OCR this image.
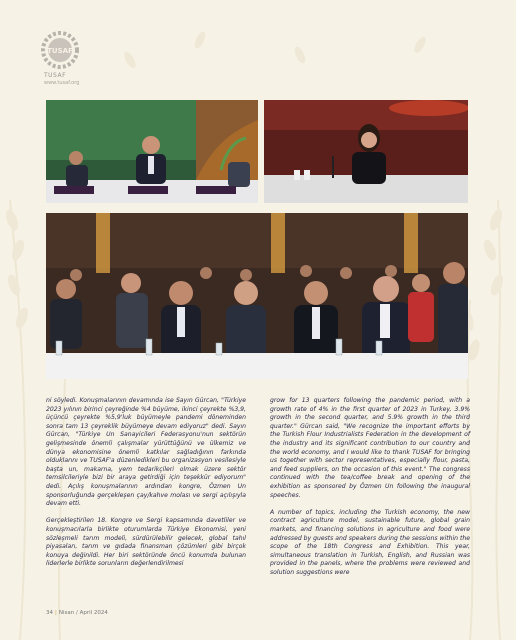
TUSAF
TUSAF
www.tusaf.org

ni söyledi. Konuşmalarının devamında ise Sayın Gürcan, "Türkiye 2023 yılının birinci çeyreğinde %4 büyüme, ikinci çeyrekte %3,9, üçüncü çeyrekte %5,9'luk büyümeyle pandemi döneminden sonra tam 13 çeyreklik büyümeye devam ediyoruz" dedi. Sayın Gürcan, "Türkiye Un Sanayicileri Federasyonu'nun sektörün gelişmesinde önemli çalışmalar yürüttüğünü ve ülkemiz ve dünya ekonomisine önemli katkılar sağladığının farkında olduklarını ve TUSAF'a düzenledikleri bu organizasyon vesilesiyle başta un, makarna, yem tedarikçileri olmak üzere sektör temsilcileriyle bizi bir araya getirdiği için teşekkür ediyorum" dedi. Açılış konuşmalarının ardından kongre, Özmen Un sponsorluğunda gerçekleşen çay/kahve molası ve sergi açılışıyla devam etti.

Gerçekleştirilen 18. Kongre ve Sergi kapsamında davetliler ve konuşmacılarla birlikte oturumlarda Türkiye Ekonomisi, yeni sözleşmeli tarım modeli, sürdürülebilir gelecek, global tahıl piyasaları, tarım ve gıdada finansman çözümleri gibi birçok konuya değinildi. Her biri sektöründe öncü konumda bulunan liderlerle birlikte sorunların değerlendirilmesi

grow for 13 quarters following the pandemic period, with a growth rate of 4% in the first quarter of 2023 in Turkey, 3.9% growth in the second quarter, and 5.9% growth in the third quarter." Gürcan said, "We recognize the important efforts by the Turkish Flour Industrialists Federation in the development of the industry and its significant contribution to our country and the world economy, and I would like to thank TUSAF for bringing us together with sector representatives, especially flour, pasta, and feed suppliers, on the occasion of this event." The congress continued with the tea/coffee break and opening of the exhibition as sponsored by Özmen Un following the inaugural speeches.

A number of topics, including the Turkish economy, the new contract agriculture model, sustainable future, global grain markets, and financing solutions in agriculture and food were addressed by guests and speakers during the sessions within the scope of the 18th Congress and Exhibition. This year, simultaneous translation in Turkish, English, and Russian was provided in the panels, where the problems were reviewed and solution suggestions were

34 | Nisan / April 2024
